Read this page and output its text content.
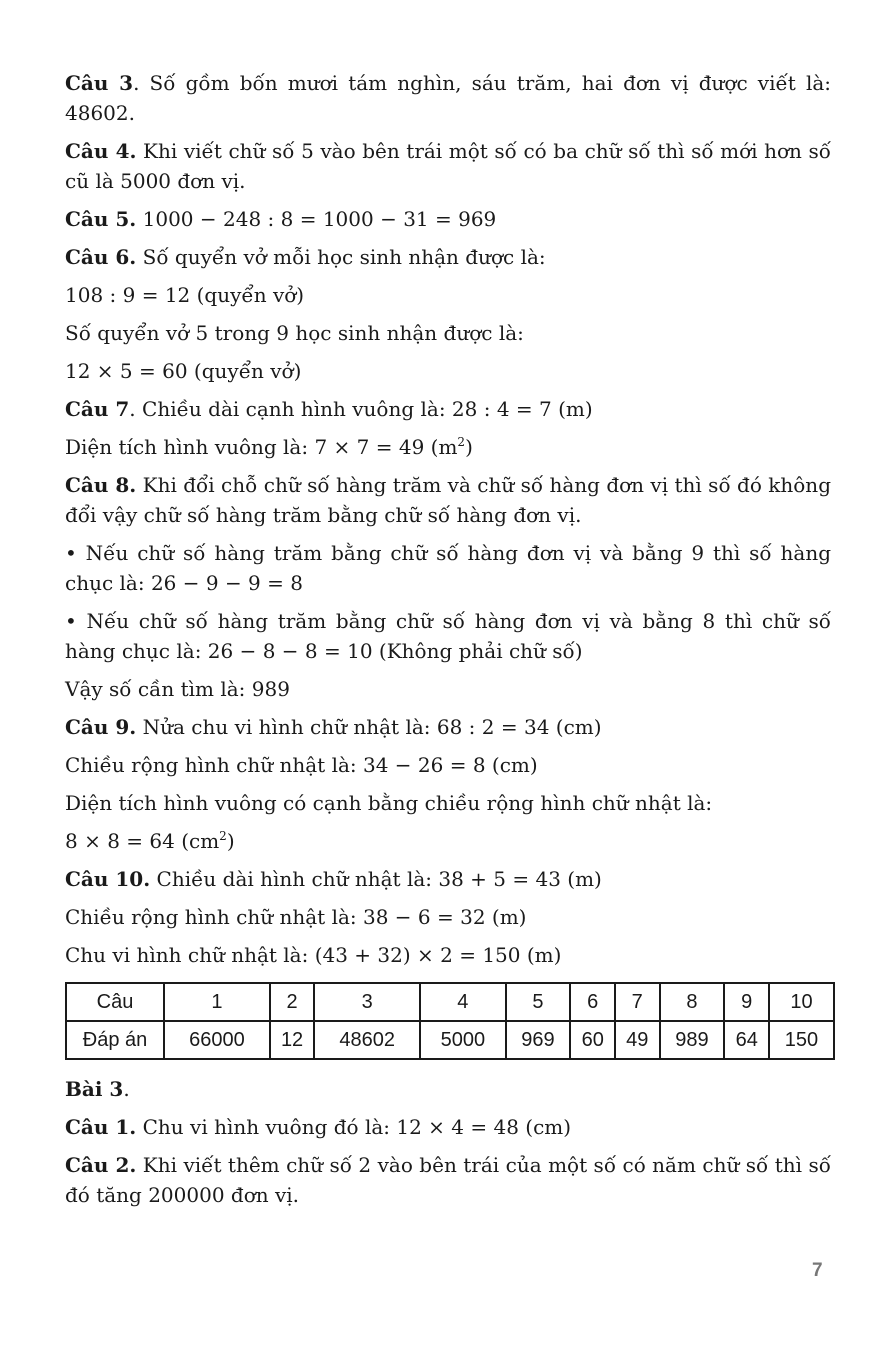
Câu 3. Số gồm bốn mươi tám nghìn, sáu trăm, hai đơn vị được viết là: 48602.

Câu 4. Khi viết chữ số 5 vào bên trái một số có ba chữ số thì số mới hơn số cũ là 5000 đơn vị.

Câu 5. 1000 − 248 : 8 = 1000 − 31 = 969

Câu 6. Số quyển vở mỗi học sinh nhận được là:

108 : 9 = 12 (quyển vở)

Số quyển vở 5 trong 9 học sinh nhận được là:

12 × 5 = 60 (quyển vở)

Câu 7. Chiều dài cạnh hình vuông là: 28 : 4 = 7 (m)

Diện tích hình vuông là: 7 × 7 = 49 $(m^2)$

Câu 8. Khi đổi chỗ chữ số hàng trăm và chữ số hàng đơn vị thì số đó không đổi vậy chữ số hàng trăm bằng chữ số hàng đơn vị.

• Nếu chữ số hàng trăm bằng chữ số hàng đơn vị và bằng 9 thì số hàng chục là: 26 − 9 − 9 = 8

• Nếu chữ số hàng trăm bằng chữ số hàng đơn vị và bằng 8 thì chữ số hàng chục là: 26 − 8 − 8 = 10 (Không phải chữ số)

Vậy số cần tìm là: 989

Câu 9. Nửa chu vi hình chữ nhật là: 68 : 2 = 34 (cm)

Chiều rộng hình chữ nhật là: 34 − 26 = 8 (cm)

Diện tích hình vuông có cạnh bằng chiều rộng hình chữ nhật là:

8 × 8 = 64 $(cm^2)$

Câu 10. Chiều dài hình chữ nhật là: 38 + 5 = 43 (m)

Chiều rộng hình chữ nhật là: 38 − 6 = 32 (m)

Chu vi hình chữ nhật là: (43 + 32) × 2 = 150 (m)

Câu	1	2	3	4	5	6	7	8	9	10
Đáp án	66000	12	48602	5000	969	60	49	989	64	150

Bài 3.

Câu 1. Chu vi hình vuông đó là: 12 × 4 = 48 (cm)

Câu 2. Khi viết thêm chữ số 2 vào bên trái của một số có năm chữ số thì số đó tăng 200000 đơn vị.

7
